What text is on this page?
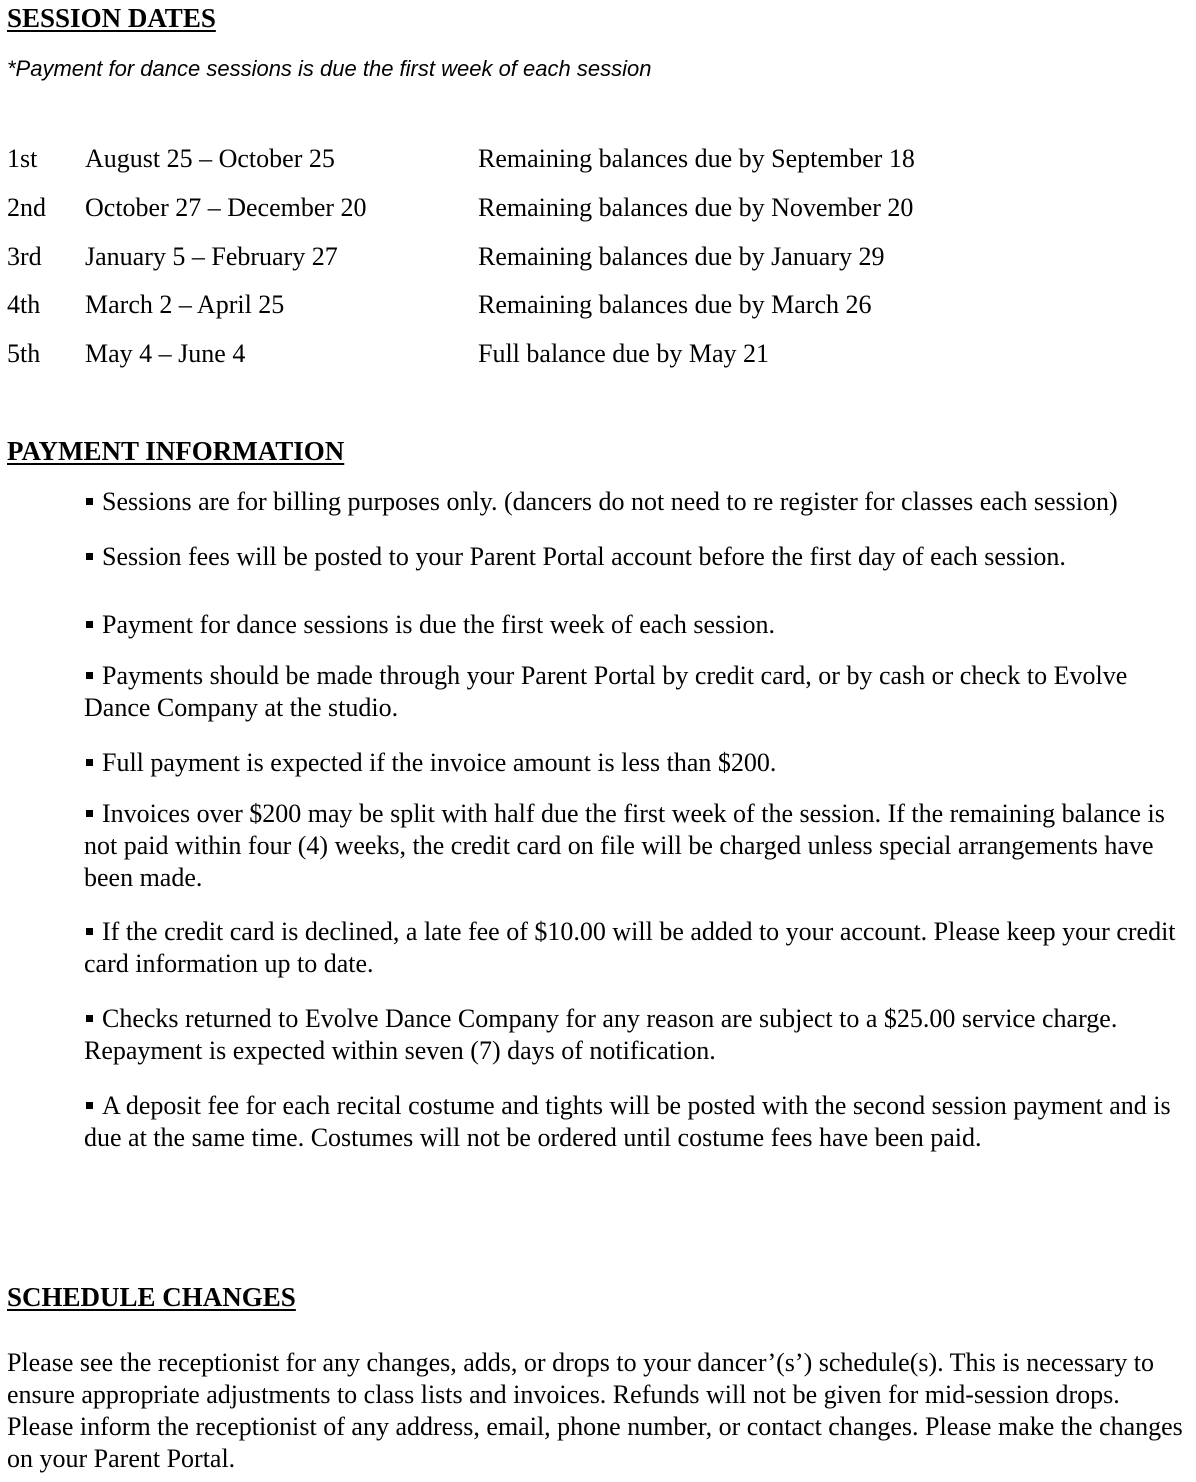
SESSION DATES

*Payment for dance sessions is due the first week of each session

1st August 25 – October 25	Remaining balances due by September 18
2nd October 27 – December 20	Remaining balances due by November 20
3rd January 5 – February 27	Remaining balances due by January 29
4th March 2 – April 25	Remaining balances due by March 26
5th May 4 – June 4	Full balance due by May 21
PAYMENT INFORMATION

Sessions are for billing purposes only. (dancers do not need to re register for classes each session)

Session fees will be posted to your Parent Portal account before the first day of each session.

Payment for dance sessions is due the first week of each session.

Payments should be made through your Parent Portal by credit card, or by cash or check to Evolve Dance Company at the studio.

Full payment is expected if the invoice amount is less than $200.

Invoices over $200 may be split with half due the first week of the session. If the remaining balance is not paid within four (4) weeks, the credit card on file will be charged unless special arrangements have been made.

If the credit card is declined, a late fee of $10.00 will be added to your account. Please keep your credit card information up to date.

Checks returned to Evolve Dance Company for any reason are subject to a $25.00 service charge. Repayment is expected within seven (7) days of notification.

A deposit fee for each recital costume and tights will be posted with the second session payment and is due at the same time. Costumes will not be ordered until costume fees have been paid.

SCHEDULE CHANGES

Please see the receptionist for any changes, adds, or drops to your dancer’(s’) schedule(s). This is necessary to ensure appropriate adjustments to class lists and invoices. Refunds will not be given for mid-session drops. Please inform the receptionist of any address, email, phone number, or contact changes. Please make the changes on your Parent Portal.
